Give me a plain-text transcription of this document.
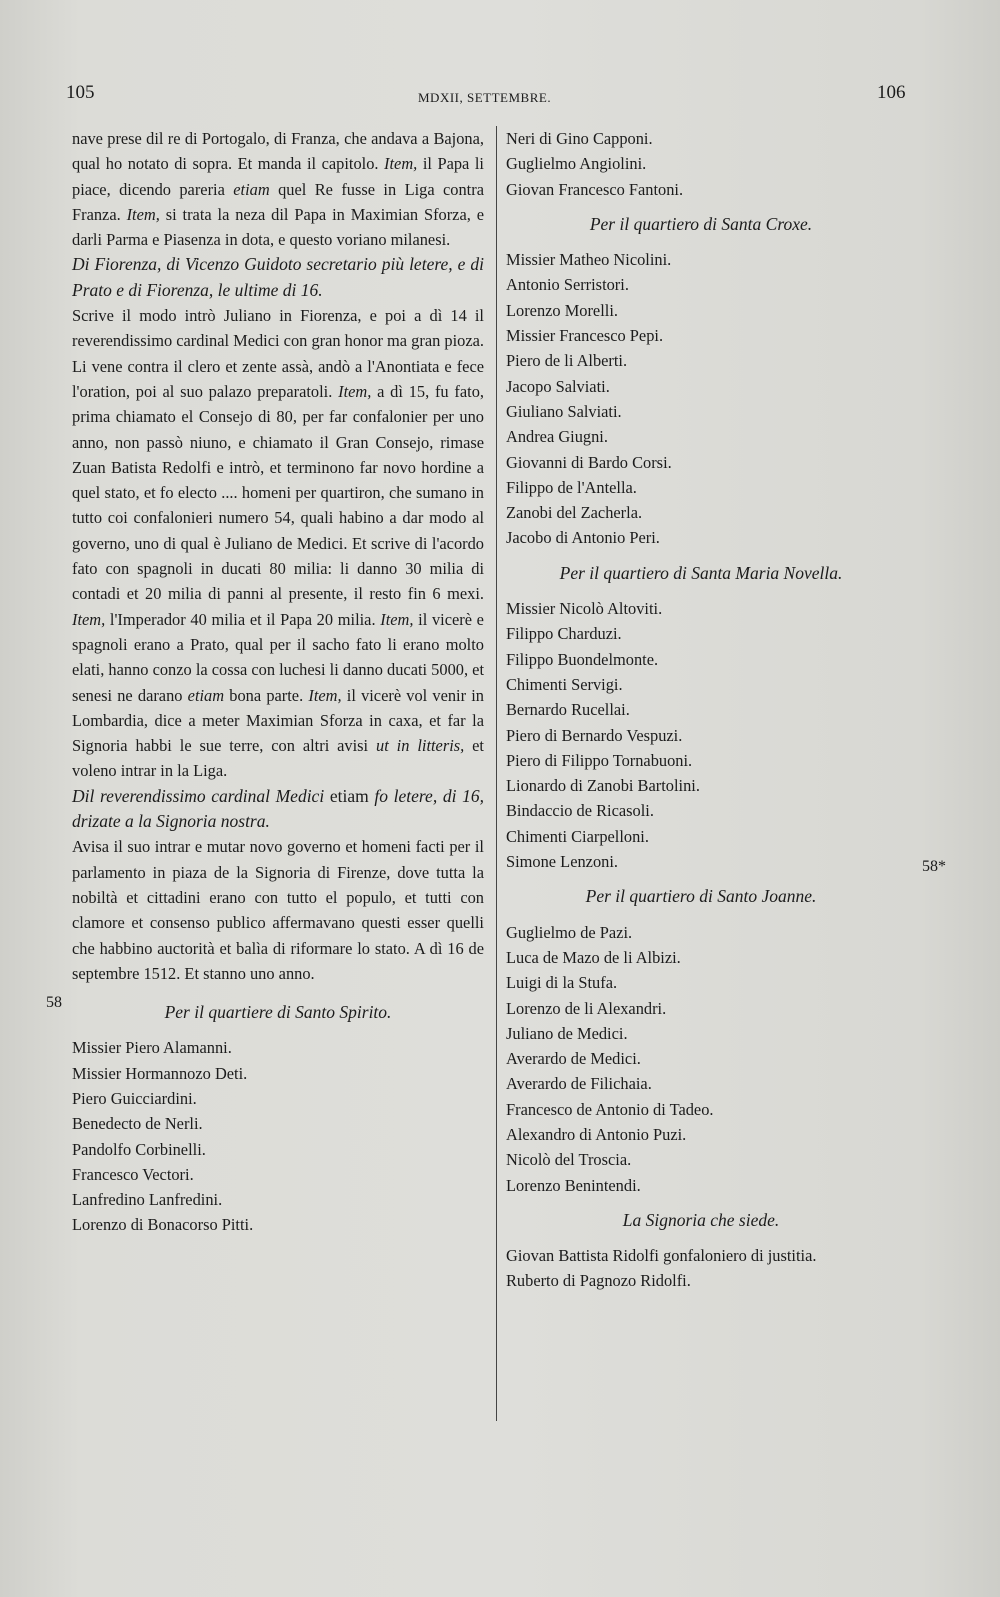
105	MDXII, SETTEMBRE.	106
58
58*

nave prese dil re di Portogalo, di Franza, che andava a Bajona, qual ho notato di sopra. Et manda il capitolo. Item, il Papa li piace, dicendo pareria etiam quel Re fusse in Liga contra Franza. Item, si trata la neza dil Papa in Maximian Sforza, e darli Parma e Piasenza in dota, e questo voriano milanesi.

Di Fiorenza, di Vicenzo Guidoto secretario più letere, e di Prato e di Fiorenza, le ultime di 16.

Scrive il modo intrò Juliano in Fiorenza, e poi a dì 14 il reverendissimo cardinal Medici con gran honor ma gran pioza. Li vene contra il clero et zente assà, andò a l'Anontiata e fece l'oration, poi al suo palazo preparatoli. Item, a dì 15, fu fato, prima chiamato el Consejo di 80, per far confalonier per uno anno, non passò niuno, e chiamato il Gran Consejo, rimase Zuan Batista Redolfi e intrò, et terminono far novo hordine a quel stato, et fo electo .... homeni per quartiron, che sumano in tutto coi confalonieri numero 54, quali habino a dar modo al governo, uno di qual è Juliano de Medici. Et scrive di l'acordo fato con spagnoli in ducati 80 milia: li danno 30 milia di contadi et 20 milia di panni al presente, il resto fin 6 mexi. Item, l'Imperador 40 milia et il Papa 20 milia. Item, il vicerè e spagnoli erano a Prato, qual per il sacho fato li erano molto elati, hanno conzo la cossa con luchesi li danno ducati 5000, et senesi ne darano etiam bona parte. Item, il vicerè vol venir in Lombardia, dice a meter Maximian Sforza in caxa, et far la Signoria habbi le sue terre, con altri avisi ut in litteris, et voleno intrar in la Liga.

Dil reverendissimo cardinal Medici etiam fo letere, di 16, drizate a la Signoria nostra.

Avisa il suo intrar e mutar novo governo et homeni facti per il parlamento in piaza de la Signoria di Firenze, dove tutta la nobiltà et cittadini erano con tutto el populo, et tutti con clamore et consenso publico affermavano questi esser quelli che habbino auctorità et balìa di riformare lo stato. A dì 16 de septembre 1512. Et stanno uno anno.

Per il quartiere di Santo Spirito.

Missier Piero Alamanni.

Missier Hormannozo Deti.

Piero Guicciardini.

Benedecto de Nerli.

Pandolfo Corbinelli.

Francesco Vectori.

Lanfredino Lanfredini.

Lorenzo di Bonacorso Pitti.

Neri di Gino Capponi.

Guglielmo Angiolini.

Giovan Francesco Fantoni.

Per il quartiero di Santa Croxe.

Missier Matheo Nicolini.

Antonio Serristori.

Lorenzo Morelli.

Missier Francesco Pepi.

Piero de li Alberti.

Jacopo Salviati.

Giuliano Salviati.

Andrea Giugni.

Giovanni di Bardo Corsi.

Filippo de l'Antella.

Zanobi del Zacherla.

Jacobo di Antonio Peri.

Per il quartiero di Santa Maria Novella.

Missier Nicolò Altoviti.

Filippo Charduzi.

Filippo Buondelmonte.

Chimenti Servigi.

Bernardo Rucellai.

Piero di Bernardo Vespuzi.

Piero di Filippo Tornabuoni.

Lionardo di Zanobi Bartolini.

Bindaccio de Ricasoli.

Chimenti Ciarpelloni.

Simone Lenzoni.

Per il quartiero di Santo Joanne.

Guglielmo de Pazi.

Luca de Mazo de li Albizi.

Luigi di la Stufa.

Lorenzo de li Alexandri.

Juliano de Medici.

Averardo de Medici.

Averardo de Filichaia.

Francesco de Antonio di Tadeo.

Alexandro di Antonio Puzi.

Nicolò del Troscia.

Lorenzo Benintendi.

La Signoria che siede.

Giovan Battista Ridolfi gonfaloniero di justitia.

Ruberto di Pagnozo Ridolfi.
